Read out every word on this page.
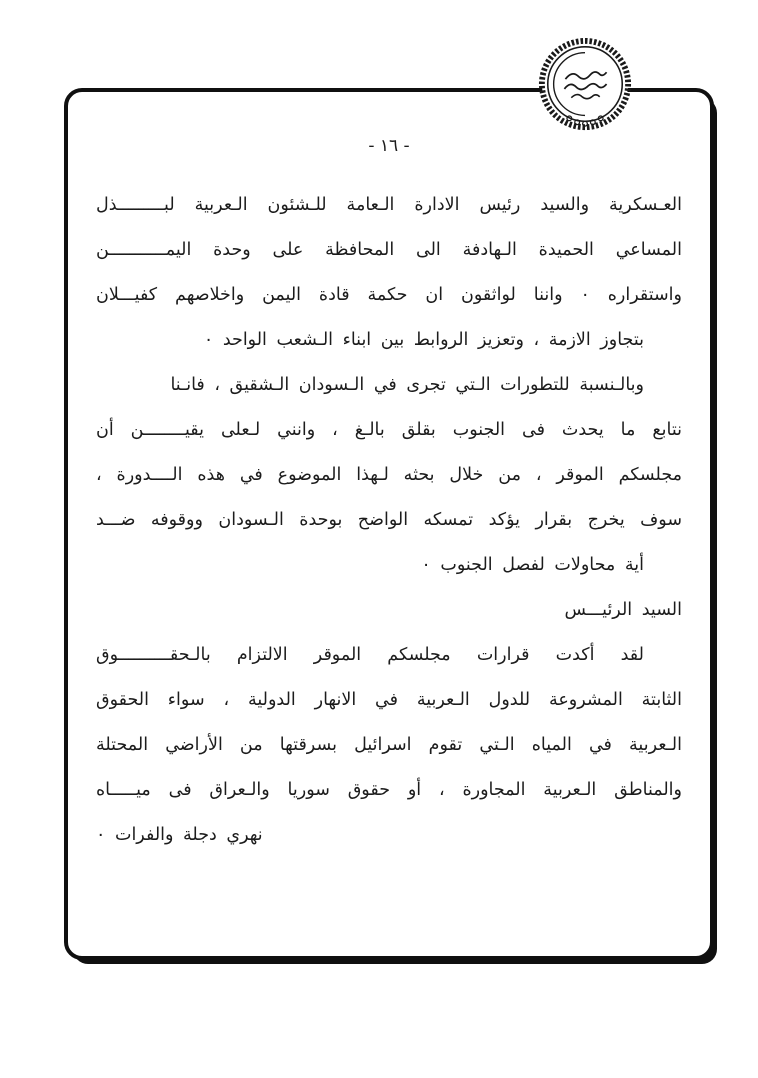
- ١٦ -
العـسكرية والسيد رئيس الادارة الـعامة للـشئون الـعربية لبـــــــــذل
المساعي الحميدة الـهادفة الى المحافظة على وحدة اليمـــــــــــن
واستقراره ٠ واننا لواثقون ان حكمة قادة اليمن واخلاصهم كفيـــلان
بتجاوز الازمة ، وتعزيز الروابط بين ابناء الـشعب الواحد ٠
وبالـنسبة للتطورات الـتي تجرى في الـسودان الـشقيق ، فانـنا
نتابع ما يحدث فى الجنوب بقلق بالـغ ، وانني لـعلى يقيــــــــن أن
مجلسكم الموقر ، من خلال بحثه لـهذا الموضوع في هذه الــــدورة ،
سوف يخرج بقرار يؤكد تمسكه الواضح بوحدة الـسودان ووقوفه ضـــد
أية محاولات لفصل الجنوب ٠
السيد الرئيـــس
لقد أكدت قرارات مجلسكم الموقر الالتزام بالـحقــــــــــوق
الثابتة المشروعة للدول الـعربية في الانهار الدولية ، سواء الحقوق
الـعربية في المياه الـتي تقوم اسرائيل بسرقتها من الأراضي المحتلة
والمناطق الـعربية المجاورة ، أو حقوق سوريا والـعراق فى ميـــــاه
نهري دجلة والفرات ٠
